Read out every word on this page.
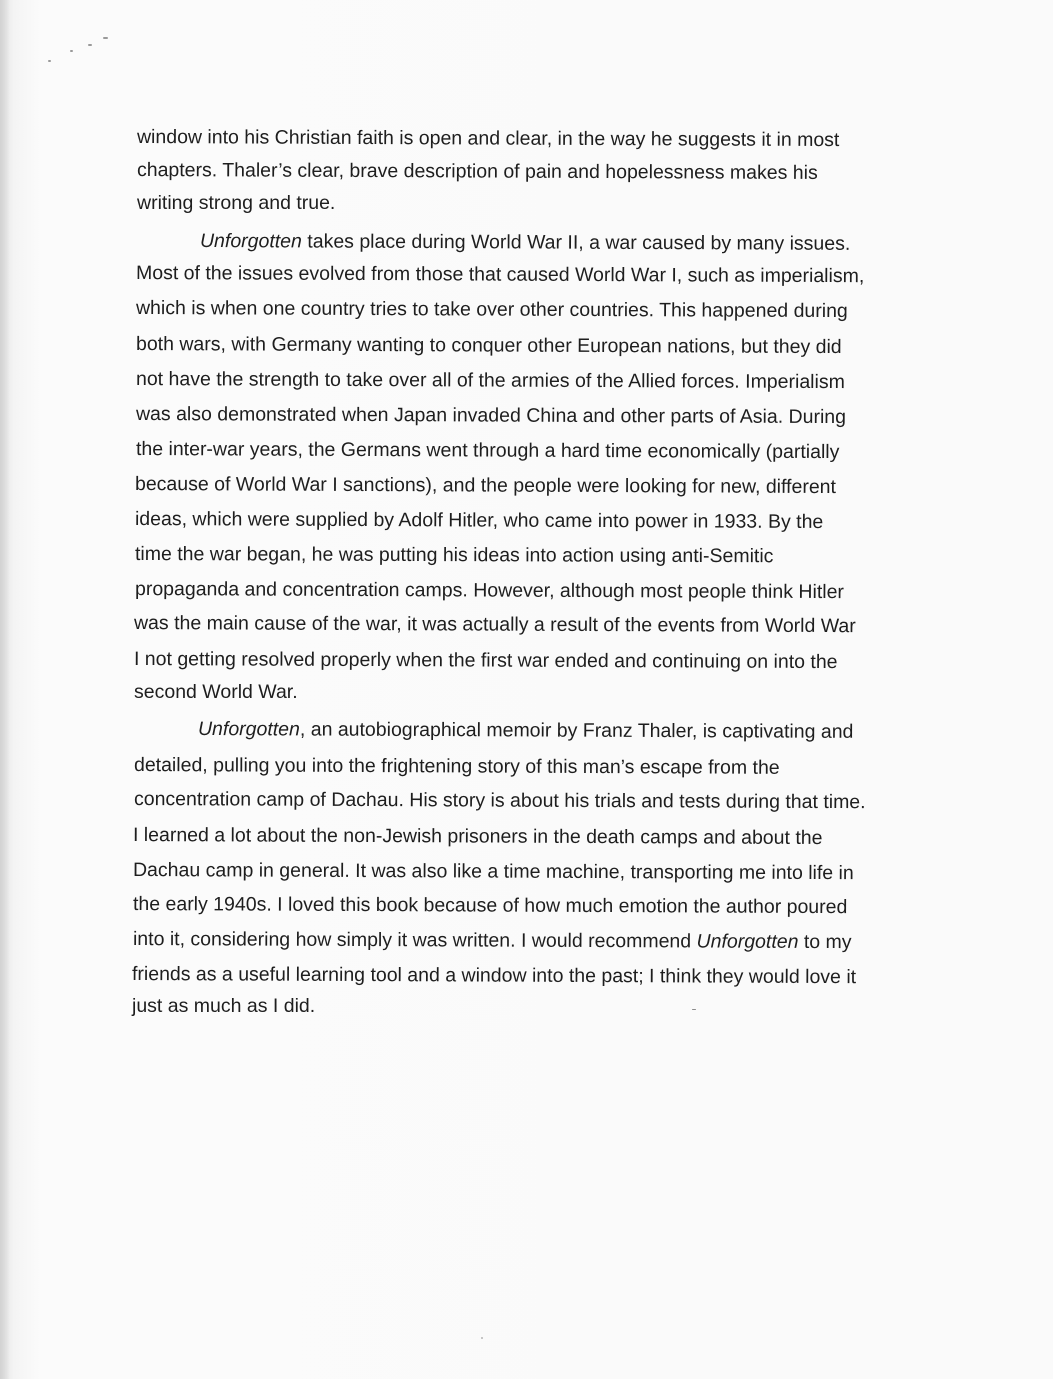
window into his Christian faith is open and clear, in the way he suggests it in most
chapters. Thaler’s clear, brave description of pain and hopelessness makes his
writing strong and true.
Unforgotten takes place during World War II, a war caused by many issues.
Most of the issues evolved from those that caused World War I, such as imperialism,
which is when one country tries to take over other countries. This happened during
both wars, with Germany wanting to conquer other European nations, but they did
not have the strength to take over all of the armies of the Allied forces. Imperialism
was also demonstrated when Japan invaded China and other parts of Asia. During
the inter-war years, the Germans went through a hard time economically (partially
because of World War I sanctions), and the people were looking for new, different
ideas, which were supplied by Adolf Hitler, who came into power in 1933. By the
time the war began, he was putting his ideas into action using anti-Semitic
propaganda and concentration camps. However, although most people think Hitler
was the main cause of the war, it was actually a result of the events from World War
I not getting resolved properly when the first war ended and continuing on into the
second World War.
Unforgotten, an autobiographical memoir by Franz Thaler, is captivating and
detailed, pulling you into the frightening story of this man’s escape from the
concentration camp of Dachau. His story is about his trials and tests during that time.
I learned a lot about the non-Jewish prisoners in the death camps and about the
Dachau camp in general. It was also like a time machine, transporting me into life in
the early 1940s. I loved this book because of how much emotion the author poured
into it, considering how simply it was written. I would recommend Unforgotten to my
friends as a useful learning tool and a window into the past; I think they would love it
just as much as I did.
